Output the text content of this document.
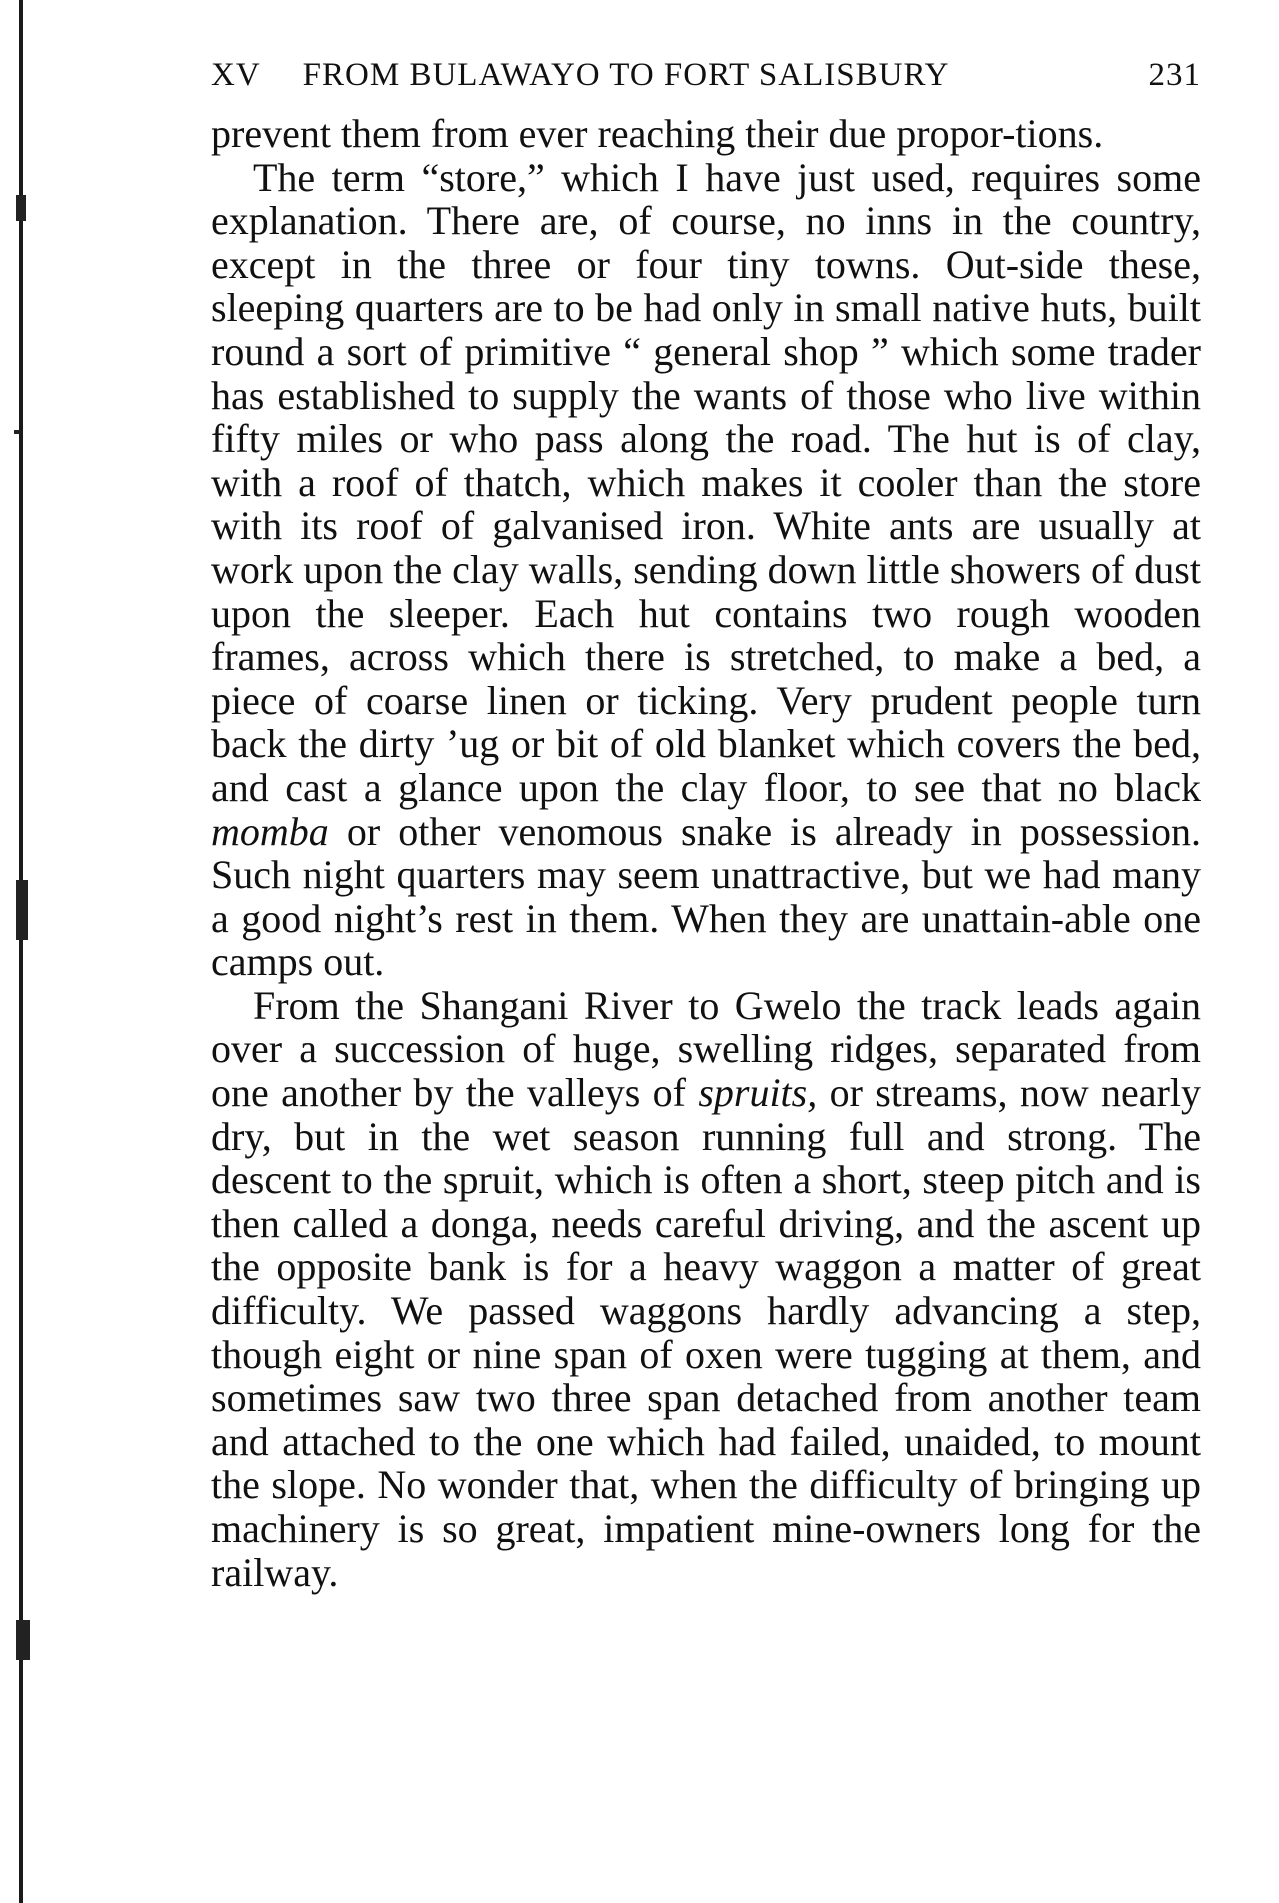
XV FROM BULAWAYO TO FORT SALISBURY	231

prevent them from ever reaching their due propor-tions.

The term “store,” which I have just used, requires some explanation. There are, of course, no inns in the country, except in the three or four tiny towns. Out-side these, sleeping quarters are to be had only in small native huts, built round a sort of primitive “ general shop ” which some trader has established to supply the wants of those who live within fifty miles or who pass along the road. The hut is of clay, with a roof of thatch, which makes it cooler than the store with its roof of galvanised iron. White ants are usually at work upon the clay walls, sending down little showers of dust upon the sleeper. Each hut contains two rough wooden frames, across which there is stretched, to make a bed, a piece of coarse linen or ticking. Very prudent people turn back the dirty ’ug or bit of old blanket which covers the bed, and cast a glance upon the clay floor, to see that no black momba or other venomous snake is already in possession. Such night quarters may seem unattractive, but we had many a good night’s rest in them. When they are unattain-able one camps out.

From the Shangani River to Gwelo the track leads again over a succession of huge, swelling ridges, separated from one another by the valleys of spruits, or streams, now nearly dry, but in the wet season running full and strong. The descent to the spruit, which is often a short, steep pitch and is then called a donga, needs careful driving, and the ascent up the opposite bank is for a heavy waggon a matter of great difficulty. We passed waggons hardly advancing a step, though eight or nine span of oxen were tugging at them, and sometimes saw two three span detached from another team and attached to the one which had failed, unaided, to mount the slope. No wonder that, when the difficulty of bringing up machinery is so great, impatient mine-owners long for the railway.
